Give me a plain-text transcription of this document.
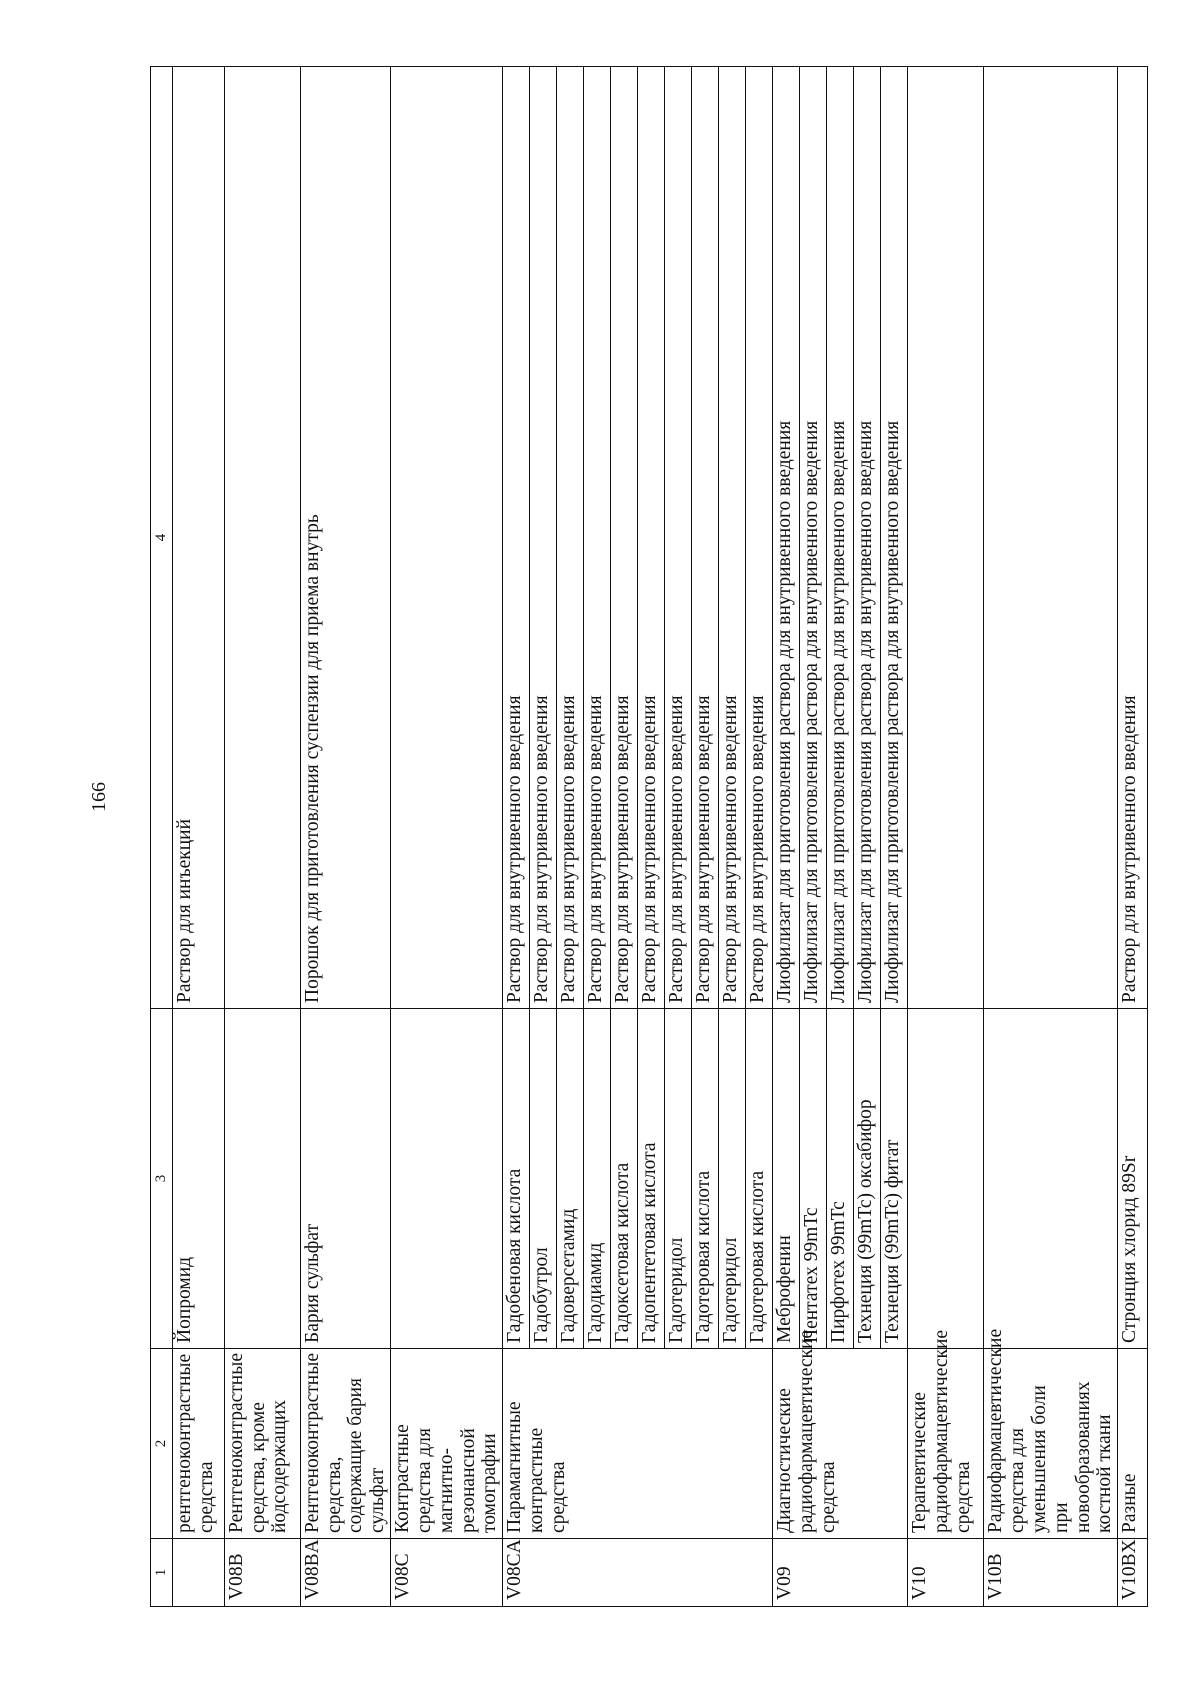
166
1	2	3	4
	рентгеноконтрастные средства	Йопромид	Раствор для инъекций
V08B	Рентгеноконтрастные средства, кроме йодсодержащих		
V08BA	Рентгеноконтрастные средства, содержащие бария сульфат	Бария сульфат	Порошок для приготовления суспензии для приема внутрь
V08C	Контрастные средства для магнитно-резонансной томографии		
V08CA	Парамагнитные контрастные средства	Гадобеновая кислота	Раствор для внутривенного введения
		Гадобутрол	Раствор для внутривенного введения
		Гадоверсетамид	Раствор для внутривенного введения
		Гадодиамид	Раствор для внутривенного введения
		Гадоксетовая кислота	Раствор для внутривенного введения
		Гадопентетовая кислота	Раствор для внутривенного введения
		Гадотеридол	Раствор для внутривенного введения
		Гадотеровая кислота	Раствор для внутривенного введения
		Гадотеридол	Раствор для внутривенного введения
		Гадотеровая кислота	Раствор для внутривенного введения
V09	Диагностические радиофармацевтические средства	Меброфенин	Лиофилизат для приготовления раствора для внутривенного введения
		Пентатех 99mTc	Лиофилизат для приготовления раствора для внутривенного введения
		Пирфотех 99mTc	Лиофилизат для приготовления раствора для внутривенного введения
		Технеция (99mTc) оксабифор	Лиофилизат для приготовления раствора для внутривенного введения
		Технеция (99mTc) фитат	Лиофилизат для приготовления раствора для внутривенного введения
V10	Терапевтические радиофармацевтические средства		
V10B	Радиофармацевтические средства для уменьшения боли при новообразованиях костной ткани		
V10BX	Разные	Стронция хлорид 89Sr	Раствор для внутривенного введения
